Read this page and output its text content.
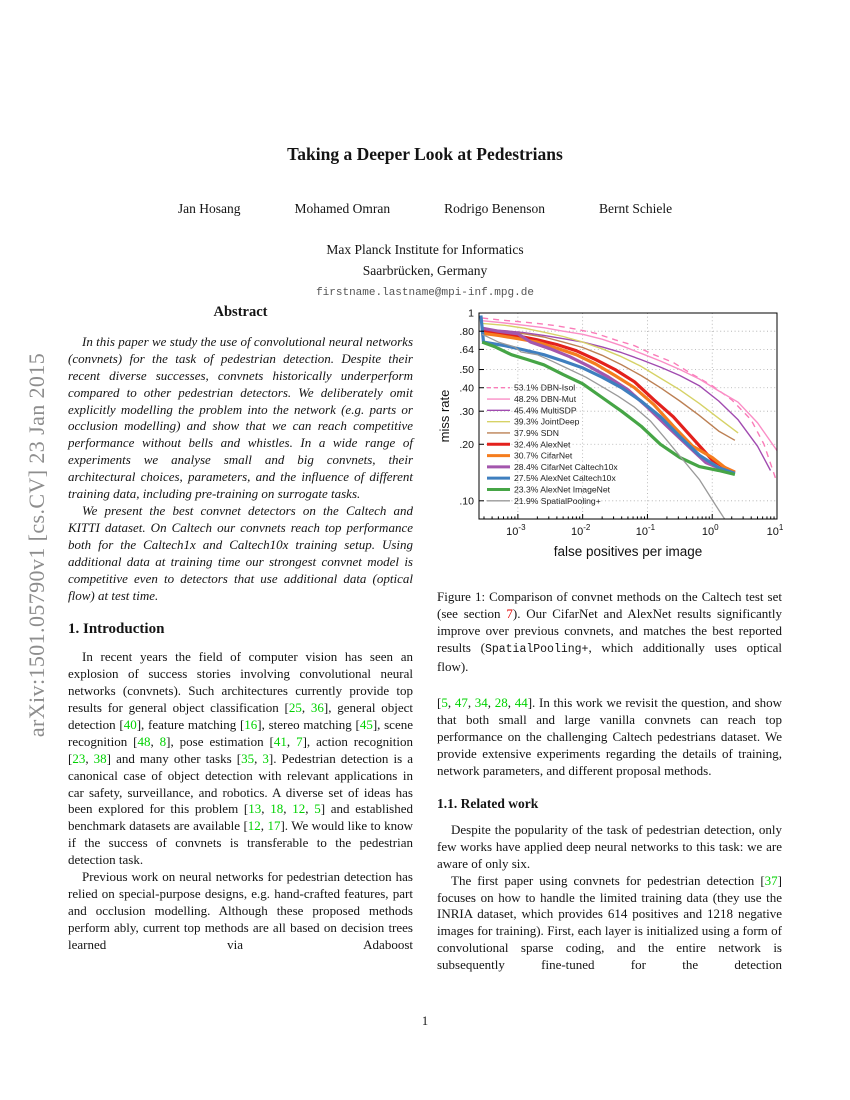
arXiv:1501.05790v1 [cs.CV] 23 Jan 2015
Taking a Deeper Look at Pedestrians
Jan Hosang	Mohamed Omran	Rodrigo Benenson	Bernt Schiele
Max Planck Institute for Informatics
Saarbrücken, Germany
firstname.lastname@mpi-inf.mpg.de
Abstract

In this paper we study the use of convolutional neural networks (convnets) for the task of pedestrian detection. Despite their recent diverse successes, convnets historically underperform compared to other pedestrian detectors. We deliberately omit explicitly modelling the problem into the network (e.g. parts or occlusion modelling) and show that we can reach competitive performance without bells and whistles. In a wide range of experiments we analyse small and big convnets, their architectural choices, parameters, and the influence of different training data, including pre-training on surrogate tasks.

We present the best convnet detectors on the Caltech and KITTI dataset. On Caltech our convnets reach top performance both for the Caltech1x and Caltech10x training setup. Using additional data at training time our strongest convnet model is competitive even to detectors that use additional data (optical flow) at test time.

1. Introduction

In recent years the field of computer vision has seen an explosion of success stories involving convolutional neural networks (convnets). Such architectures currently provide top results for general object classification [25, 36], general object detection [40], feature matching [16], stereo matching [45], scene recognition [48, 8], pose estimation [41, 7], action recognition [23, 38] and many other tasks [35, 3]. Pedestrian detection is a canonical case of object detection with relevant applications in car safety, surveillance, and robotics. A diverse set of ideas has been explored for this problem [13, 18, 12, 5] and established benchmark datasets are available [12, 17]. We would like to know if the success of convnets is transferable to the pedestrian detection task.

Previous work on neural networks for pedestrian detection has relied on special-purpose designs, e.g. hand-crafted features, part and occlusion modelling. Although these proposed methods perform ably, current top methods are all based on decision trees learned via Adaboost

1
.80
.64
.50
.40
.30
.20
.10
$10^{-3}$	$10^{-2}$	$10^{-1}$	$10^0$	$10^1$
false positives per image
miss rate
53.1% DBN-Isol
48.2% DBN-Mut
45.4% MultiSDP
39.3% JointDeep
37.9% SDN
32.4% AlexNet
30.7% CifarNet
28.4% CifarNet Caltech10x
27.5% AlexNet Caltech10x
23.3% AlexNet ImageNet
21.9% SpatialPooling+

Figure 1: Comparison of convnet methods on the Caltech test set (see section 7). Our CifarNet and AlexNet results significantly improve over previous convnets, and matches the best reported results (SpatialPooling+, which additionally uses optical flow).

[5, 47, 34, 28, 44]. In this work we revisit the question, and show that both small and large vanilla convnets can reach top performance on the challenging Caltech pedestrians dataset. We provide extensive experiments regarding the details of training, network parameters, and different proposal methods.

1.1. Related work

Despite the popularity of the task of pedestrian detection, only few works have applied deep neural networks to this task: we are aware of only six.

The first paper using convnets for pedestrian detection [37] focuses on how to handle the limited training data (they use the INRIA dataset, which provides 614 positives and 1218 negative images for training). First, each layer is initialized using a form of convolutional sparse coding, and the entire network is subsequently fine-tuned for the detection

1
